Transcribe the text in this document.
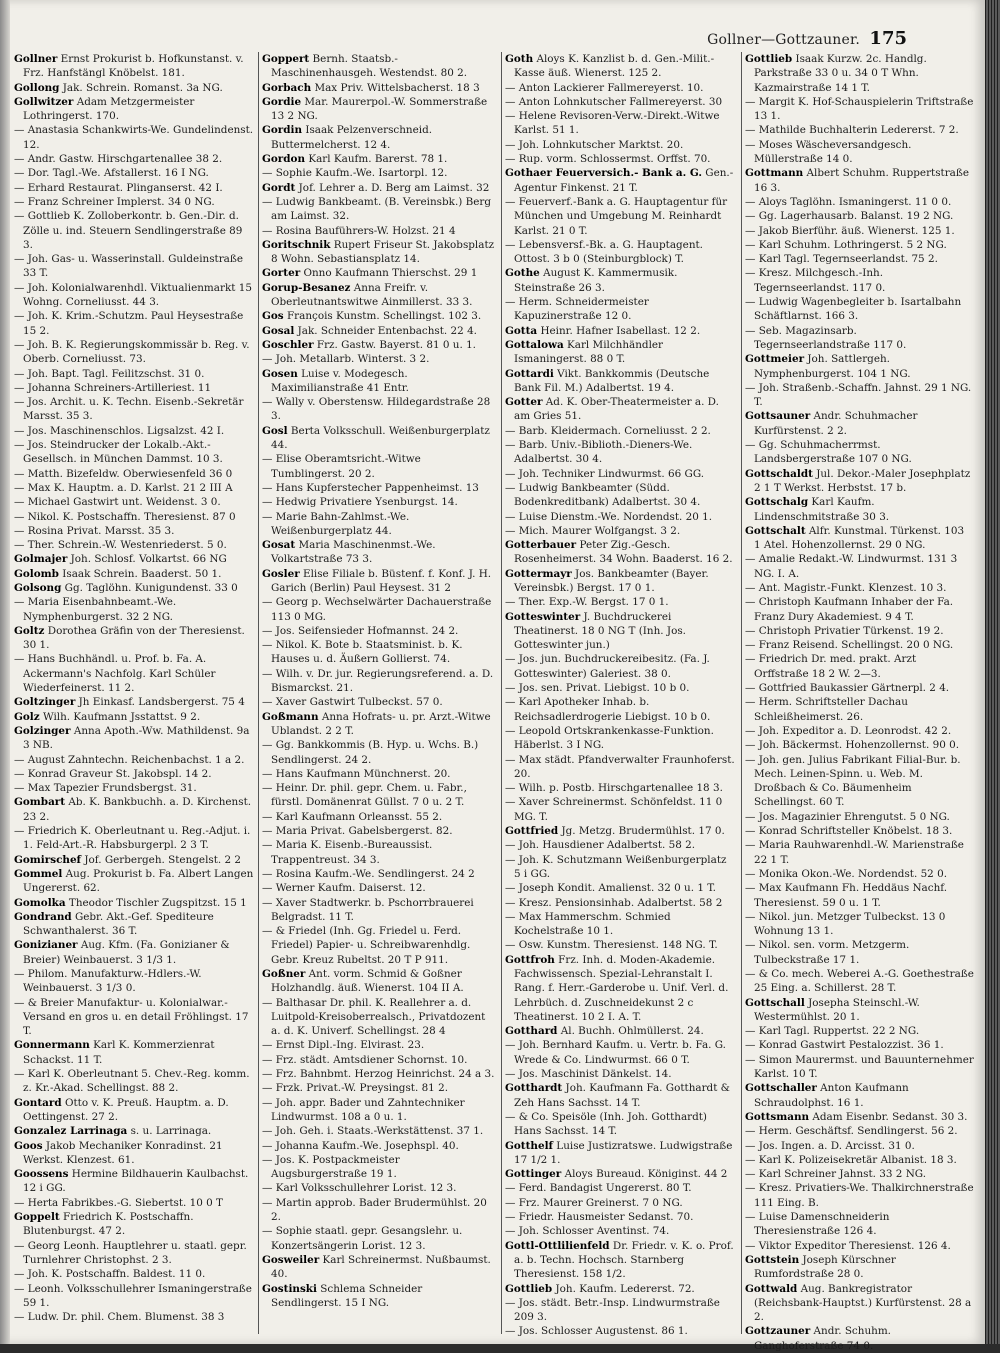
Gollner—Gottzauner. 175
Gollner Ernst Prokurist b. Hofkunstanst. v. Frz. Hanfstängl Knöbelst. 181.
Gollong Jak. Schrein. Romanst. 3a NG.
Gollwitzer Adam Metzgermeister Lothringerst. 170.
— Anastasia Schankwirts-We. Gundelindenst. 12.
— Andr. Gastw. Hirschgartenallee 38 2.
— Dor. Tagl.-We. Afstallerst. 16 I NG.
— Erhard Restaurat. Plinganserst. 42 I.
— Franz Schreiner Implerst. 34 0 NG.
— Gottlieb K. Zolloberkontr. b. Gen.-Dir. d. Zölle u. ind. Steuern Sendlingerstraße 89 3.
— Joh. Gas- u. Wasserinstall. Guldeinstraße 33 T.
— Joh. Kolonialwarenhdl. Viktualienmarkt 15 Wohng. Corneliusst. 44 3.
— Joh. K. Krim.-Schutzm. Paul Heysestraße 15 2.
— Joh. B. K. Regierungskommissär b. Reg. v. Oberb. Corneliusst. 73.
— Joh. Bapt. Tagl. Feilitzschst. 31 0.
— Johanna Schreiners-Artilleriest. 11
— Jos. Archit. u. K. Techn. Eisenb.-Sekretär Marsst. 35 3.
— Jos. Maschinenschlos. Ligsalzst. 42 I.
— Jos. Steindrucker der Lokalb.-Akt.-Gesellsch. in München Dammst. 10 3.
— Matth. Bizefeldw. Oberwiesenfeld 36 0
— Max K. Hauptm. a. D. Karlst. 21 2 III A
— Michael Gastwirt unt. Weidenst. 3 0.
— Nikol. K. Postschaffn. Theresienst. 87 0
— Rosina Privat. Marsst. 35 3.
— Ther. Schrein.-W. Westenriederst. 5 0.
Golmajer Joh. Schlosf. Volkartst. 66 NG
Golomb Isaak Schrein. Baaderst. 50 1.
Golsong Gg. Taglöhn. Kunigundenst. 33 0
— Maria Eisenbahnbeamt.-We. Nymphenburgerst. 32 2 NG.
Goltz Dorothea Gräfin von der Theresienst. 30 1.
— Hans Buchhändl. u. Prof. b. Fa. A. Ackermann's Nachfolg. Karl Schüler Wiederfeinerst. 11 2.
Goltzinger Jh Einkasf. Landsbergerst. 75 4
Golz Wilh. Kaufmann Jsstattst. 9 2.
Golzinger Anna Apoth.-Ww. Mathildenst. 9a 3 NB.
— August Zahntechn. Reichenbachst. 1 a 2.
— Konrad Graveur St. Jakobspl. 14 2.
— Max Tapezier Frundsbergst. 31.
Gombart Ab. K. Bankbuchh. a. D. Kirchenst. 23 2.
— Friedrich K. Oberleutnant u. Reg.-Adjut. i. 1. Feld-Art.-R. Habsburgerpl. 2 3 T.
Gomirschef Jof. Gerbergeh. Stengelst. 2 2
Gommel Aug. Prokurist b. Fa. Albert Langen Ungererst. 62.
Gomolka Theodor Tischler Zugspitzst. 15 1
Gondrand Gebr. Akt.-Gef. Spediteure Schwanthalerst. 36 T.
Gonizianer Aug. Kfm. (Fa. Gonizianer & Breier) Weinbauerst. 3 1/3 1.
— Philom. Manufakturw.-Hdlers.-W. Weinbauerst. 3 1/3 0.
— & Breier Manufaktur- u. Kolonialwar.-Versand en gros u. en detail Fröhlingst. 17 T.
Gonnermann Karl K. Kommerzienrat Schackst. 11 T.
— Karl K. Oberleutnant 5. Chev.-Reg. komm. z. Kr.-Akad. Schellingst. 88 2.
Gontard Otto v. K. Preuß. Hauptm. a. D. Oettingenst. 27 2.
Gonzalez Larrinaga s. u. Larrinaga.
Goos Jakob Mechaniker Konradinst. 21 Werkst. Klenzest. 61.
Goossens Hermine Bildhauerin Kaulbachst. 12 i GG.
— Herta Fabrikbes.-G. Siebertst. 10 0 T
Goppelt Friedrich K. Postschaffn. Blutenburgst. 47 2.
— Georg Leonh. Hauptlehrer u. staatl. gepr. Turnlehrer Christophst. 2 3.
— Joh. K. Postschaffn. Baldest. 11 0.
— Leonh. Volksschullehrer Ismaningerstraße 59 1.
— Ludw. Dr. phil. Chem. Blumenst. 38 3
Goppert Bernh. Staatsb.-Maschinenhausgeh. Westendst. 80 2.
Gorbach Max Priv. Wittelsbacherst. 18 3
Gordie Mar. Maurerpol.-W. Sommerstraße 13 2 NG.
Gordin Isaak Pelzenverschneid. Buttermelcherst. 12 4.
Gordon Karl Kaufm. Barerst. 78 1.
— Sophie Kaufm.-We. Isartorpl. 12.
Gordt Jof. Lehrer a. D. Berg am Laimst. 32
— Ludwig Bankbeamt. (B. Vereinsbk.) Berg am Laimst. 32.
— Rosina Bauführers-W. Holzst. 21 4
Goritschnik Rupert Friseur St. Jakobsplatz 8 Wohn. Sebastiansplatz 14.
Gorter Onno Kaufmann Thierschst. 29 1
Gorup-Besanez Anna Freifr. v. Oberleutnantswitwe Ainmillerst. 33 3.
Gos François Kunstm. Schellingst. 102 3.
Gosal Jak. Schneider Entenbachst. 22 4.
Goschler Frz. Gastw. Bayerst. 81 0 u. 1.
— Joh. Metallarb. Winterst. 3 2.
Gosen Luise v. Modegesch. Maximilianstraße 41 Entr.
— Wally v. Oberstensw. Hildegardstraße 28 3.
Gosl Berta Volksschull. Weißenburgerplatz 44.
— Elise Oberamtsricht.-Witwe Tumblingerst. 20 2.
— Hans Kupferstecher Pappenheimst. 13
— Hedwig Privatiere Ysenburgst. 14.
— Marie Bahn-Zahlmst.-We. Weißenburgerplatz 44.
Gosat Maria Maschinenmst.-We. Volkartstraße 73 3.
Gosler Elise Filiale b. Büstenf. f. Konf. J. H. Garich (Berlin) Paul Heysest. 31 2
— Georg p. Wechselwärter Dachauerstraße 113 0 MG.
— Jos. Seifensieder Hofmannst. 24 2.
— Nikol. K. Bote b. Staatsminist. b. K. Hauses u. d. Äußern Gollierst. 74.
— Wilh. v. Dr. jur. Regierungsreferend. a. D. Bismarckst. 21.
— Xaver Gastwirt Tulbeckst. 57 0.
Goßmann Anna Hofrats- u. pr. Arzt.-Witwe Ublandst. 2 2 T.
— Gg. Bankkommis (B. Hyp. u. Wchs. B.) Sendlingerst. 24 2.
— Hans Kaufmann Münchnerst. 20.
— Heinr. Dr. phil. gepr. Chem. u. Fabr., fürstl. Domänenrat Güllst. 7 0 u. 2 T.
— Karl Kaufmann Orleansst. 55 2.
— Maria Privat. Gabelsbergerst. 82.
— Maria K. Eisenb.-Bureaussist. Trappentreust. 34 3.
— Rosina Kaufm.-We. Sendlingerst. 24 2
— Werner Kaufm. Daiserst. 12.
— Xaver Stadtwerkr. b. Pschorrbrauerei Belgradst. 11 T.
— & Friedel (Inh. Gg. Friedel u. Ferd. Friedel) Papier- u. Schreibwarenhdlg. Gebr. Kreuz Rubeltst. 20 T P 911.
Goßner Ant. vorm. Schmid & Goßner Holzhandlg. äuß. Wienerst. 104 II A.
— Balthasar Dr. phil. K. Reallehrer a. d. Luitpold-Kreisoberrealsch., Privatdozent a. d. K. Univerf. Schellingst. 28 4
— Ernst Dipl.-Ing. Elvirast. 23.
— Frz. städt. Amtsdiener Schornst. 10.
— Frz. Bahnbmt. Herzog Heinrichst. 24 a 3.
— Frzk. Privat.-W. Preysingst. 81 2.
— Joh. appr. Bader und Zahntechniker Lindwurmst. 108 a 0 u. 1.
— Joh. Geh. i. Staats.-Werkstättenst. 37 1.
— Johanna Kaufm.-We. Josephspl. 40.
— Jos. K. Postpackmeister Augsburgerstraße 19 1.
— Karl Volksschullehrer Lorist. 12 3.
— Martin approb. Bader Brudermühlst. 20 2.
— Sophie staatl. gepr. Gesangslehr. u. Konzertsängerin Lorist. 12 3.
Gosweiler Karl Schreinermst. Nußbaumst. 40.
Gostinski Schlema Schneider Sendlingerst. 15 I NG.
Goth Aloys K. Kanzlist b. d. Gen.-Milit.-Kasse äuß. Wienerst. 125 2.
— Anton Lackierer Fallmereyerst. 10.
— Anton Lohnkutscher Fallmereyerst. 30
— Helene Revisoren-Verw.-Direkt.-Witwe Karlst. 51 1.
— Joh. Lohnkutscher Marktst. 20.
— Rup. vorm. Schlossermst. Orffst. 70.
Gothaer Feuerversich.- Bank a. G. Gen.-Agentur Finkenst. 21 T.
— Feuerverf.-Bank a. G. Hauptagentur für München und Umgebung M. Reinhardt Karlst. 21 0 T.
— Lebensversf.-Bk. a. G. Hauptagent. Ottost. 3 b 0 (Steinburgblock) T.
Gothe August K. Kammermusik. Steinstraße 26 3.
— Herm. Schneidermeister Kapuzinerstraße 12 0.
Gotta Heinr. Hafner Isabellast. 12 2.
Gottalowa Karl Milchhändler Ismaningerst. 88 0 T.
Gottardi Vikt. Bankkommis (Deutsche Bank Fil. M.) Adalbertst. 19 4.
Gotter Ad. K. Ober-Theatermeister a. D. am Gries 51.
— Barb. Kleidermach. Corneliusst. 2 2.
— Barb. Univ.-Biblioth.-Dieners-We. Adalbertst. 30 4.
— Joh. Techniker Lindwurmst. 66 GG.
— Ludwig Bankbeamter (Südd. Bodenkreditbank) Adalbertst. 30 4.
— Luise Dienstm.-We. Nordendst. 20 1.
— Mich. Maurer Wolfgangst. 3 2.
Gotterbauer Peter Zig.-Gesch. Rosenheimerst. 34 Wohn. Baaderst. 16 2.
Gottermayr Jos. Bankbeamter (Bayer. Vereinsbk.) Bergst. 17 0 1.
— Ther. Exp.-W. Bergst. 17 0 1.
Gotteswinter J. Buchdruckerei Theatinerst. 18 0 NG T (Inh. Jos. Gotteswinter jun.)
— Jos. jun. Buchdruckereibesitz. (Fa. J. Gotteswinter) Galeriest. 38 0.
— Jos. sen. Privat. Liebigst. 10 b 0.
— Karl Apotheker Inhab. b. Reichsadlerdrogerie Liebigst. 10 b 0.
— Leopold Ortskrankenkasse-Funktion. Häberlst. 3 I NG.
— Max städt. Pfandverwalter Fraunhoferst. 20.
— Wilh. p. Postb. Hirschgartenallee 18 3.
— Xaver Schreinermst. Schönfeldst. 11 0 MG. T.
Gottfried Jg. Metzg. Brudermühlst. 17 0.
— Joh. Hausdiener Adalbertst. 58 2.
— Joh. K. Schutzmann Weißenburgerplatz 5 i GG.
— Joseph Kondit. Amalienst. 32 0 u. 1 T.
— Kresz. Pensionsinhab. Adalbertst. 58 2
— Max Hammerschm. Schmied Kochelstraße 10 1.
— Osw. Kunstm. Theresienst. 148 NG. T.
Gottfroh Frz. Inh. d. Moden-Akademie. Fachwissensch. Spezial-Lehranstalt I. Rang. f. Herr.-Garderobe u. Unif. Verl. d. Lehrbüch. d. Zuschneidekunst 2 c Theatinerst. 10 2 I. A. T.
Gotthard Al. Buchh. Ohlmüllerst. 24.
— Joh. Bernhard Kaufm. u. Vertr. b. Fa. G. Wrede & Co. Lindwurmst. 66 0 T.
— Jos. Maschinist Dänkelst. 14.
Gotthardt Joh. Kaufmann Fa. Gotthardt & Zeh Hans Sachsst. 14 T.
— & Co. Speisöle (Inh. Joh. Gotthardt) Hans Sachsst. 14 T.
Gotthelf Luise Justizratswe. Ludwigstraße 17 1/2 1.
Gottinger Aloys Bureaud. Königinst. 44 2
— Ferd. Bandagist Ungererst. 80 T.
— Frz. Maurer Greinerst. 7 0 NG.
— Friedr. Hausmeister Sedanst. 70.
— Joh. Schlosser Aventinst. 74.
Gottl-Ottlilienfeld Dr. Friedr. v. K. o. Prof. a. b. Techn. Hochsch. Starnberg Theresienst. 158 1/2.
Gottlieb Joh. Kaufm. Ledererst. 72.
— Jos. städt. Betr.-Insp. Lindwurmstraße 209 3.
— Jos. Schlosser Augustenst. 86 1.
Gottlieb Isaak Kurzw. 2c. Handlg. Parkstraße 33 0 u. 34 0 T Whn. Kazmairstraße 14 1 T.
— Margit K. Hof-Schauspielerin Triftstraße 13 1.
— Mathilde Buchhalterin Ledererst. 7 2.
— Moses Wäscheversandgesch. Müllerstraße 14 0.
Gottmann Albert Schuhm. Ruppertstraße 16 3.
— Aloys Taglöhn. Ismaningerst. 11 0 0.
— Gg. Lagerhausarb. Balanst. 19 2 NG.
— Jakob Bierführ. äuß. Wienerst. 125 1.
— Karl Schuhm. Lothringerst. 5 2 NG.
— Karl Tagl. Tegernseerlandst. 75 2.
— Kresz. Milchgesch.-Inh. Tegernseerlandst. 117 0.
— Ludwig Wagenbegleiter b. Isartalbahn Schäftlarnst. 166 3.
— Seb. Magazinsarb. Tegernseerlandstraße 117 0.
Gottmeier Joh. Sattlergeh. Nymphenburgerst. 104 1 NG.
— Joh. Straßenb.-Schaffn. Jahnst. 29 1 NG. T.
Gottsauner Andr. Schuhmacher Kurfürstenst. 2 2.
— Gg. Schuhmacherrmst. Landsbergerstraße 107 0 NG.
Gottschaldt Jul. Dekor.-Maler Josephplatz 2 1 T Werkst. Herbstst. 17 b.
Gottschalg Karl Kaufm. Lindenschmitstraße 30 3.
Gottschalt Alfr. Kunstmal. Türkenst. 103 1 Atel. Hohenzollernst. 29 0 NG.
— Amalie Redakt.-W. Lindwurmst. 131 3 NG. I. A.
— Ant. Magistr.-Funkt. Klenzest. 10 3.
— Christoph Kaufmann Inhaber der Fa. Franz Dury Akademiest. 9 4 T.
— Christoph Privatier Türkenst. 19 2.
— Franz Reisend. Schellingst. 20 0 NG.
— Friedrich Dr. med. prakt. Arzt Orffstraße 18 2 W. 2—3.
— Gottfried Baukassier Gärtnerpl. 2 4.
— Herm. Schriftsteller Dachau Schleißheimerst. 26.
— Joh. Expeditor a. D. Leonrodst. 42 2.
— Joh. Bäckermst. Hohenzollernst. 90 0.
— Joh. gen. Julius Fabrikant Filial-Bur. b. Mech. Leinen-Spinn. u. Web. M. Droßbach & Co. Bäumenheim Schellingst. 60 T.
— Jos. Magazinier Ehrengutst. 5 0 NG.
— Konrad Schriftsteller Knöbelst. 18 3.
— Maria Rauhwarenhdl.-W. Marienstraße 22 1 T.
— Monika Okon.-We. Nordendst. 52 0.
— Max Kaufmann Fh. Heddäus Nachf. Theresienst. 59 0 u. 1 T.
— Nikol. jun. Metzger Tulbeckst. 13 0 Wohnung 13 1.
— Nikol. sen. vorm. Metzgerm. Tulbeckstraße 17 1.
— & Co. mech. Weberei A.-G. Goethestraße 25 Eing. a. Schillerst. 28 T.
Gottschall Josepha Steinschl.-W. Westermühlst. 20 1.
— Karl Tagl. Ruppertst. 22 2 NG.
— Konrad Gastwirt Pestalozzist. 36 1.
— Simon Maurermst. und Bauunternehmer Karlst. 10 T.
Gottschaller Anton Kaufmann Schraudolphst. 16 1.
Gottsmann Adam Eisenbr. Sedanst. 30 3.
— Herm. Geschäftsf. Sendlingerst. 56 2.
— Jos. Ingen. a. D. Arcisst. 31 0.
— Karl K. Polizeisekretär Albanist. 18 3.
— Karl Schreiner Jahnst. 33 2 NG.
— Kresz. Privatiers-We. Thalkirchnerstraße 111 Eing. B.
— Luise Damenschneiderin Theresienstraße 126 4.
— Viktor Expeditor Theresienst. 126 4.
Gottstein Joseph Kürschner Rumfordstraße 28 0.
Gottwald Aug. Bankregistrator (Reichsbank-Hauptst.) Kurfürstenst. 28 a 2.
Gottzauner Andr. Schuhm. Ganghoferstraße 74 0.
